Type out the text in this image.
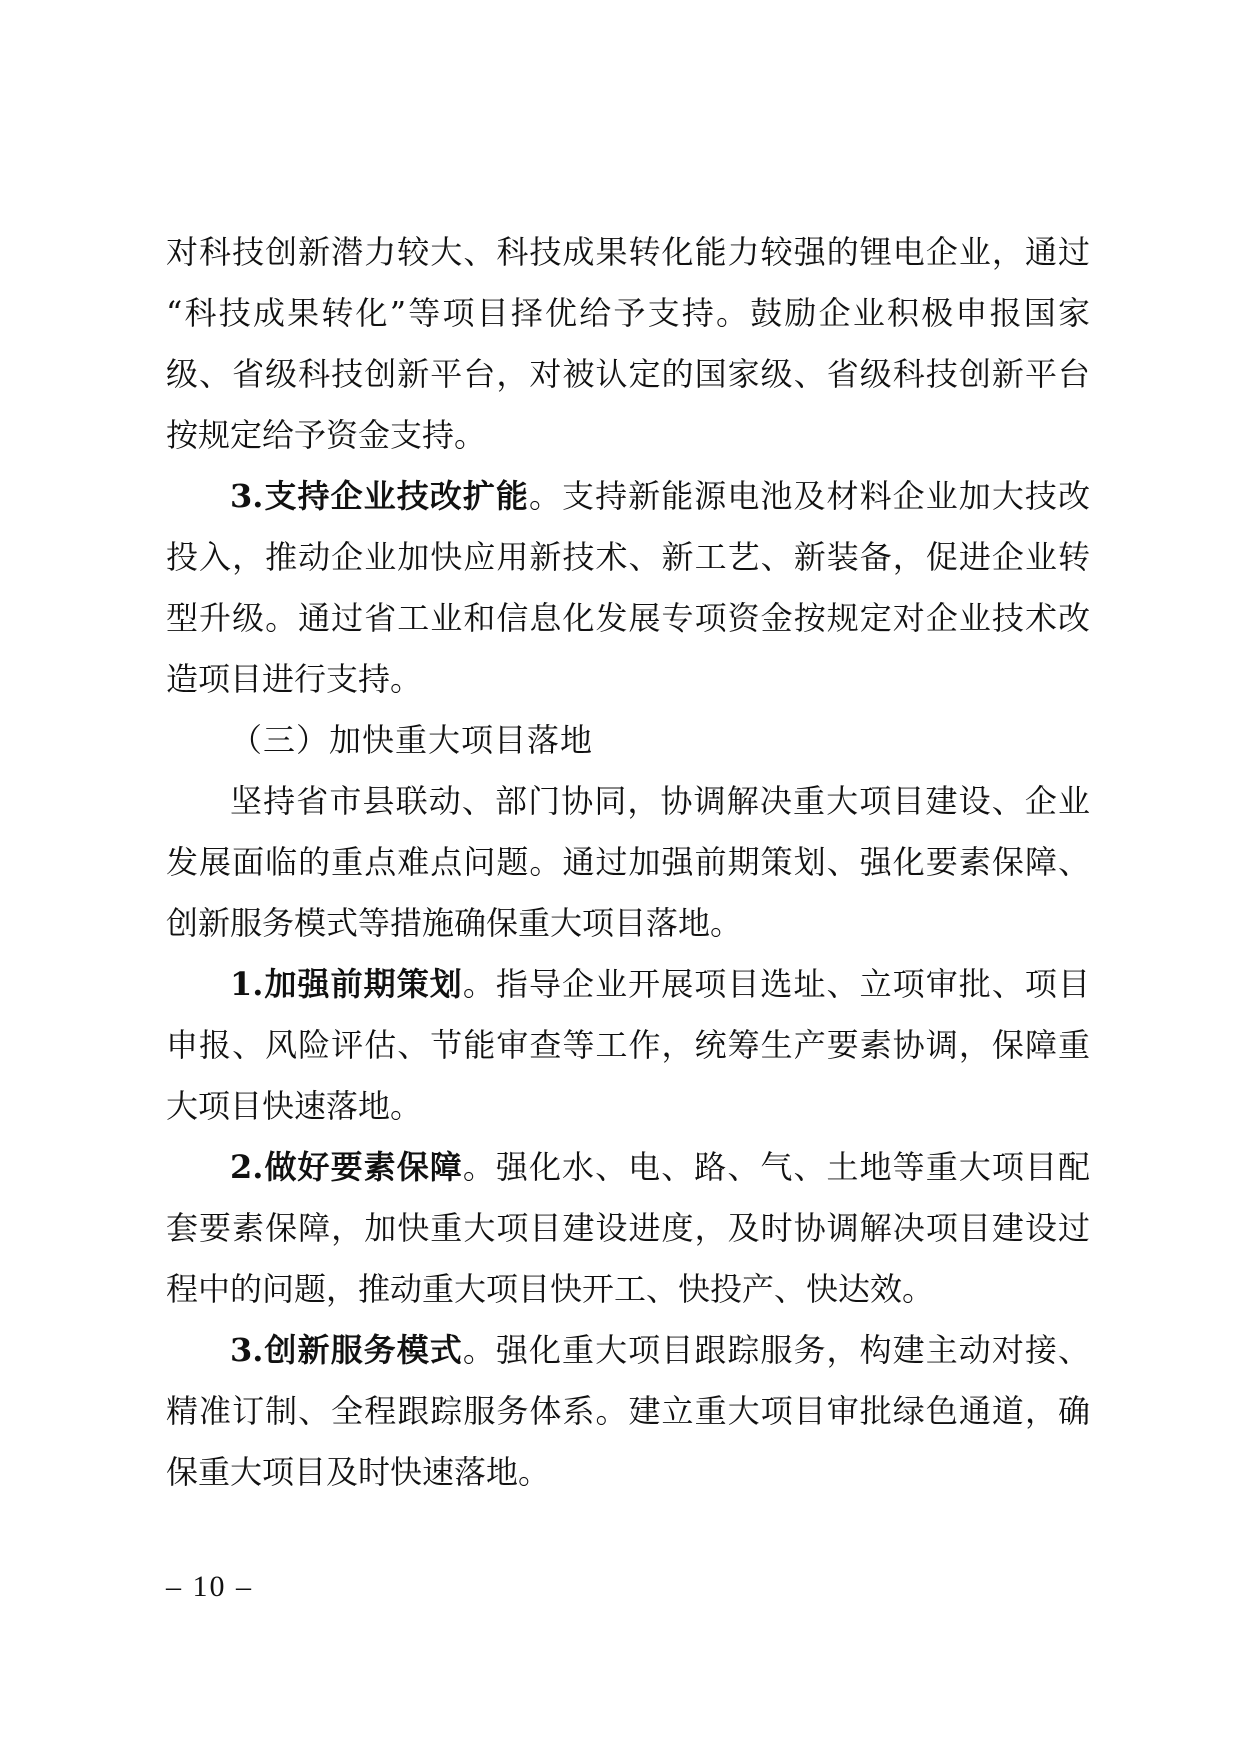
对科技创新潜力较大、科技成果转化能力较强的锂电企业，通过
“科技成果转化”等项目择优给予支持。鼓励企业积极申报国家
级、省级科技创新平台，对被认定的国家级、省级科技创新平台
按规定给予资金支持。
3.支持企业技改扩能。支持新能源电池及材料企业加大技改
投入，推动企业加快应用新技术、新工艺、新装备，促进企业转
型升级。通过省工业和信息化发展专项资金按规定对企业技术改
造项目进行支持。
（三）加快重大项目落地
坚持省市县联动、部门协同，协调解决重大项目建设、企业
发展面临的重点难点问题。通过加强前期策划、强化要素保障、
创新服务模式等措施确保重大项目落地。
1.加强前期策划。指导企业开展项目选址、立项审批、项目
申报、风险评估、节能审查等工作，统筹生产要素协调，保障重
大项目快速落地。
2.做好要素保障。强化水、电、路、气、土地等重大项目配
套要素保障，加快重大项目建设进度，及时协调解决项目建设过
程中的问题，推动重大项目快开工、快投产、快达效。
3.创新服务模式。强化重大项目跟踪服务，构建主动对接、
精准订制、全程跟踪服务体系。建立重大项目审批绿色通道，确
保重大项目及时快速落地。
– 10 –
